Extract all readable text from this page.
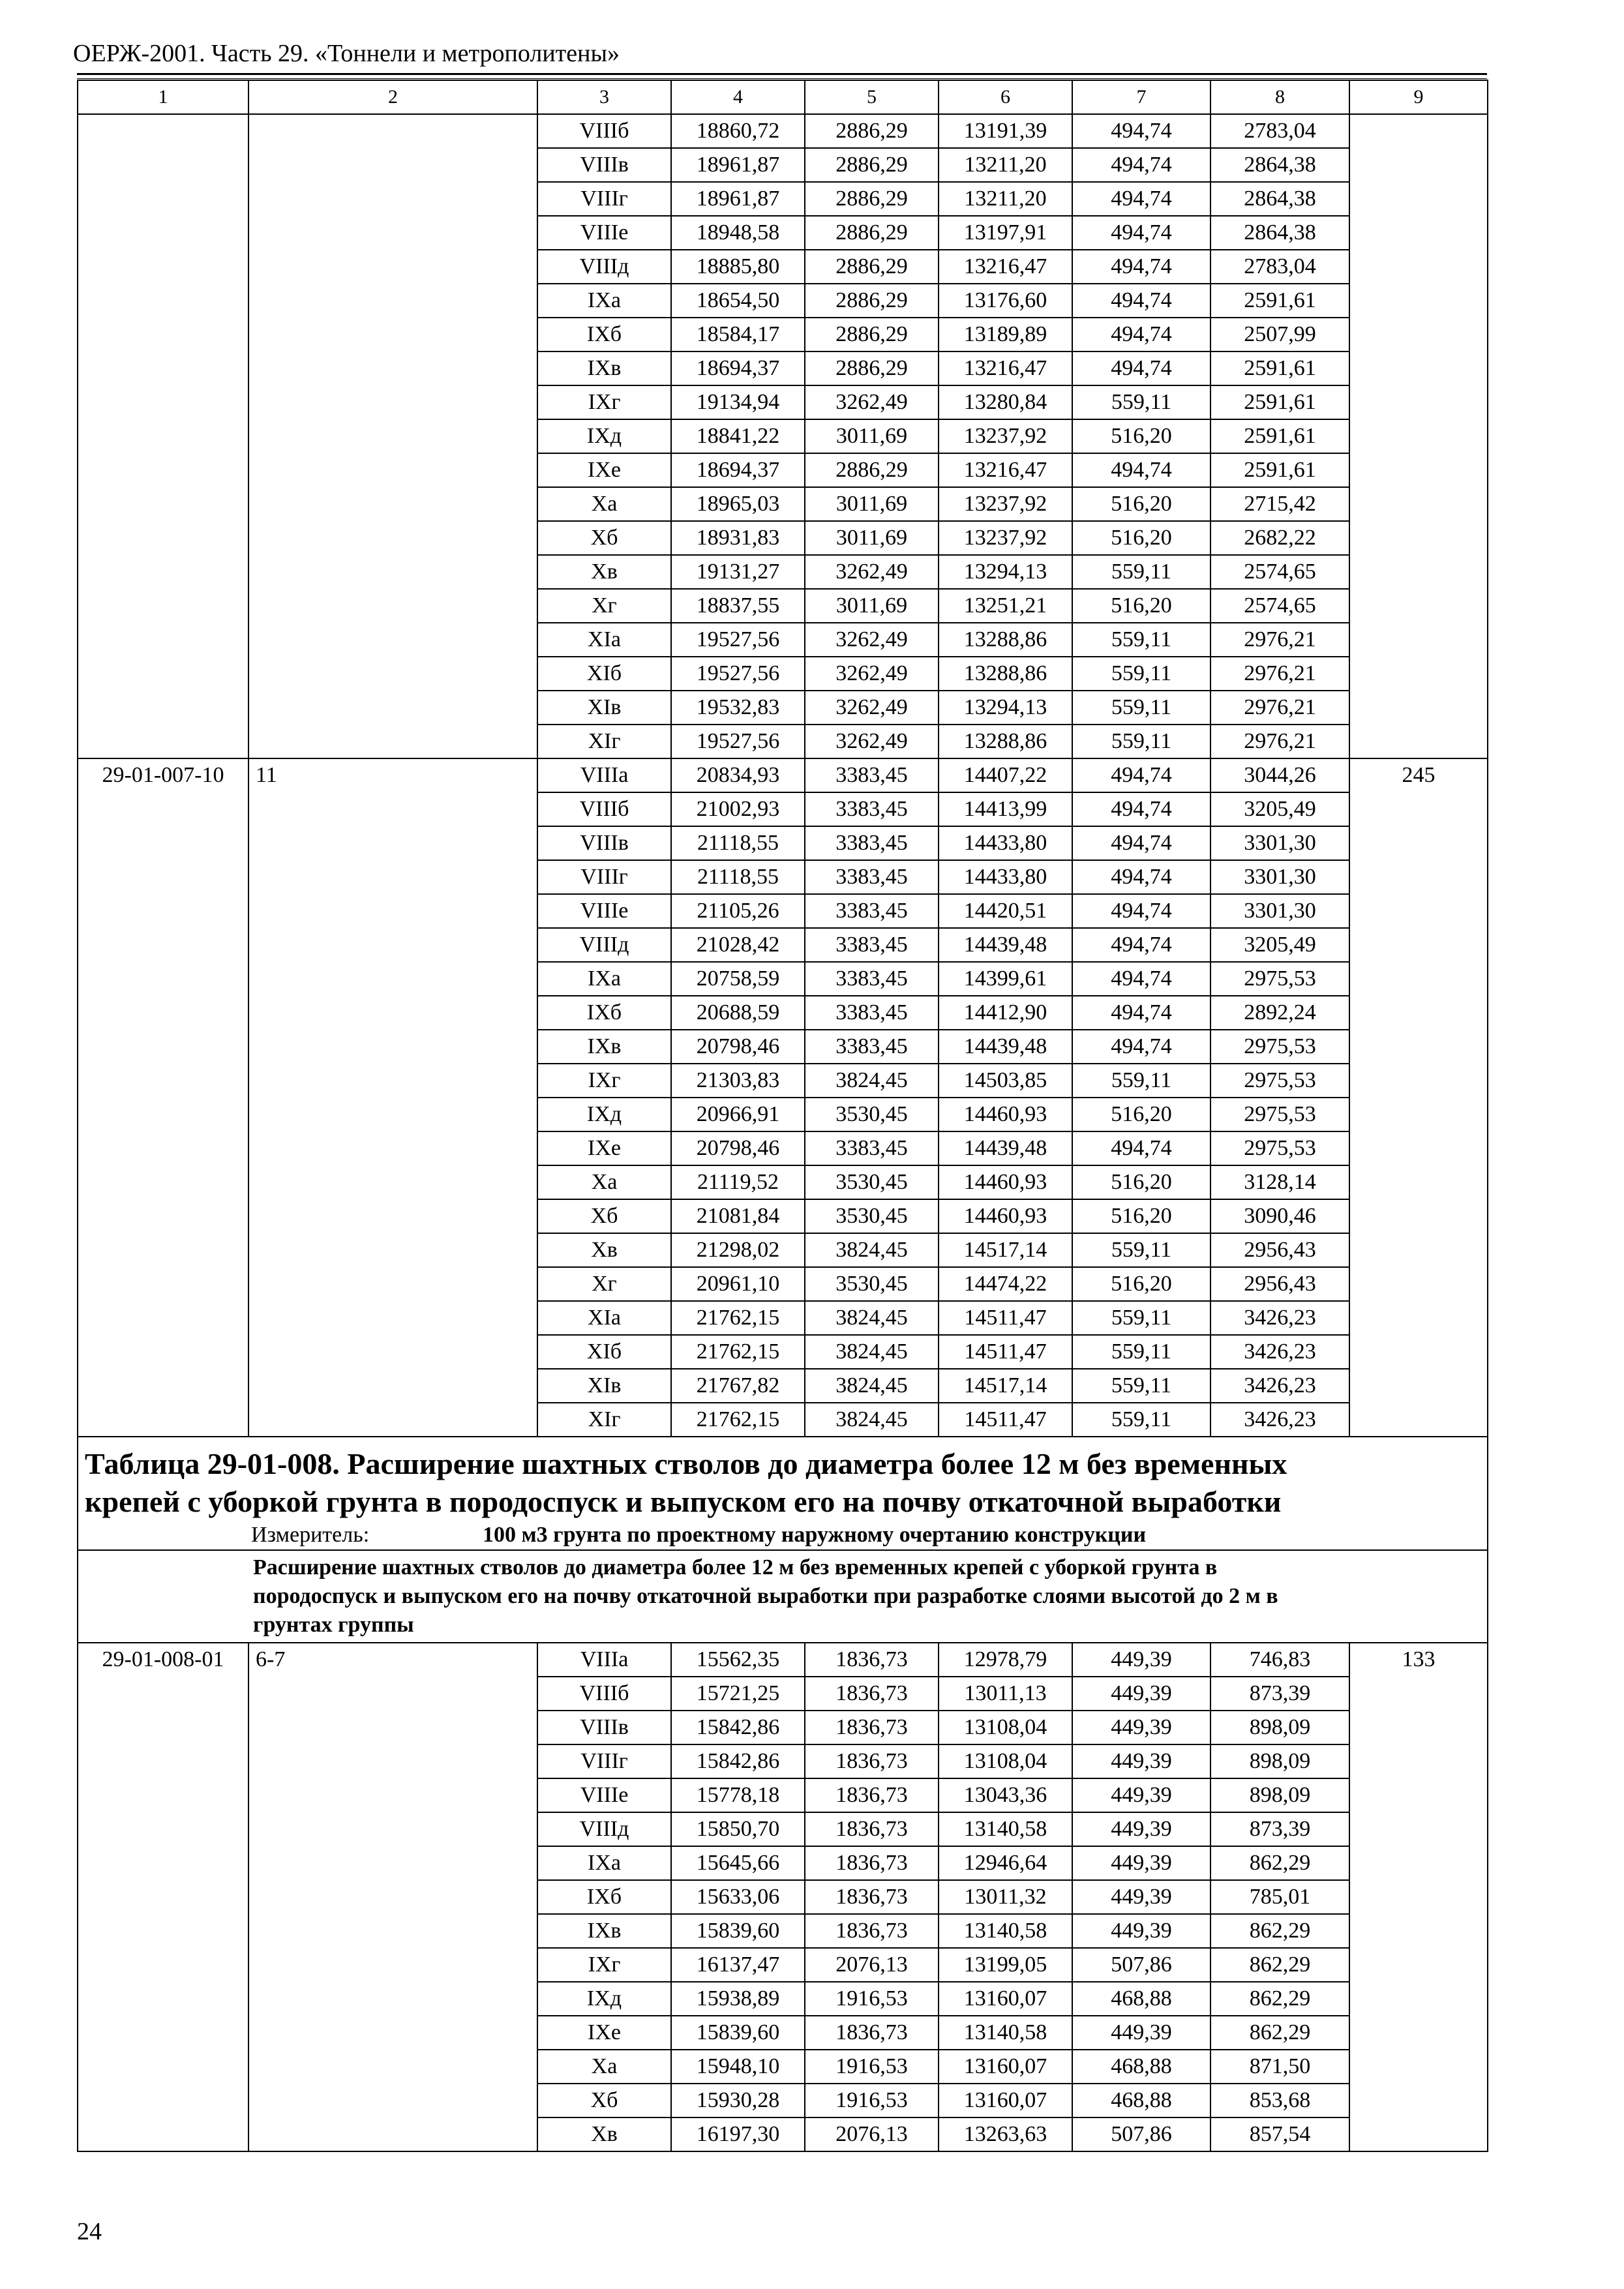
ОЕРЖ-2001. Часть 29. «Тоннели и метрополитены»
1	2	3	4	5	6	7	8	9
		VIIIб	18860,72	2886,29	13191,39	494,74	2783,04	
		VIIIв	18961,87	2886,29	13211,20	494,74	2864,38	
		VIIIг	18961,87	2886,29	13211,20	494,74	2864,38	
		VIIIе	18948,58	2886,29	13197,91	494,74	2864,38	
		VIIIд	18885,80	2886,29	13216,47	494,74	2783,04	
		IXа	18654,50	2886,29	13176,60	494,74	2591,61	
		IXб	18584,17	2886,29	13189,89	494,74	2507,99	
		IXв	18694,37	2886,29	13216,47	494,74	2591,61	
		IXг	19134,94	3262,49	13280,84	559,11	2591,61	
		IXд	18841,22	3011,69	13237,92	516,20	2591,61	
		IXе	18694,37	2886,29	13216,47	494,74	2591,61	
		Xа	18965,03	3011,69	13237,92	516,20	2715,42	
		Xб	18931,83	3011,69	13237,92	516,20	2682,22	
		Xв	19131,27	3262,49	13294,13	559,11	2574,65	
		Xг	18837,55	3011,69	13251,21	516,20	2574,65	
		XIа	19527,56	3262,49	13288,86	559,11	2976,21	
		XIб	19527,56	3262,49	13288,86	559,11	2976,21	
		XIв	19532,83	3262,49	13294,13	559,11	2976,21	
		XIг	19527,56	3262,49	13288,86	559,11	2976,21	
29-01-007-10	11	VIIIа	20834,93	3383,45	14407,22	494,74	3044,26	245
		VIIIб	21002,93	3383,45	14413,99	494,74	3205,49	
		VIIIв	21118,55	3383,45	14433,80	494,74	3301,30	
		VIIIг	21118,55	3383,45	14433,80	494,74	3301,30	
		VIIIе	21105,26	3383,45	14420,51	494,74	3301,30	
		VIIIд	21028,42	3383,45	14439,48	494,74	3205,49	
		IXа	20758,59	3383,45	14399,61	494,74	2975,53	
		IXб	20688,59	3383,45	14412,90	494,74	2892,24	
		IXв	20798,46	3383,45	14439,48	494,74	2975,53	
		IXг	21303,83	3824,45	14503,85	559,11	2975,53	
		IXд	20966,91	3530,45	14460,93	516,20	2975,53	
		IXе	20798,46	3383,45	14439,48	494,74	2975,53	
		Xа	21119,52	3530,45	14460,93	516,20	3128,14	
		Xб	21081,84	3530,45	14460,93	516,20	3090,46	
		Xв	21298,02	3824,45	14517,14	559,11	2956,43	
		Xг	20961,10	3530,45	14474,22	516,20	2956,43	
		XIа	21762,15	3824,45	14511,47	559,11	3426,23	
		XIб	21762,15	3824,45	14511,47	559,11	3426,23	
		XIв	21767,82	3824,45	14517,14	559,11	3426,23	
		XIг	21762,15	3824,45	14511,47	559,11	3426,23	

Таблица 29-01-008. Расширение шахтных стволов до диаметра более 12 м без временных
крепей с уборкой грунта в породоспуск и выпуском его на почву откаточной выработки
Измеритель: 100 м3 грунта по проектному наружному очертанию конструкции								

Расширение шахтных стволов до диаметра более 12 м без временных крепей с уборкой грунта в
породоспуск и выпуском его на почву откаточной выработки при разработке слоями высотой до 2 м в
грунтах группы								

29-01-008-01	6-7	VIIIа	15562,35	1836,73	12978,79	449,39	746,83	133
		VIIIб	15721,25	1836,73	13011,13	449,39	873,39	
		VIIIв	15842,86	1836,73	13108,04	449,39	898,09	
		VIIIг	15842,86	1836,73	13108,04	449,39	898,09	
		VIIIе	15778,18	1836,73	13043,36	449,39	898,09	
		VIIIд	15850,70	1836,73	13140,58	449,39	873,39	
		IXа	15645,66	1836,73	12946,64	449,39	862,29	
		IXб	15633,06	1836,73	13011,32	449,39	785,01	
		IXв	15839,60	1836,73	13140,58	449,39	862,29	
		IXг	16137,47	2076,13	13199,05	507,86	862,29	
		IXд	15938,89	1916,53	13160,07	468,88	862,29	
		IXе	15839,60	1836,73	13140,58	449,39	862,29	
		Xа	15948,10	1916,53	13160,07	468,88	871,50	
		Xб	15930,28	1916,53	13160,07	468,88	853,68	
		Xв	16197,30	2076,13	13263,63	507,86	857,54	
24
